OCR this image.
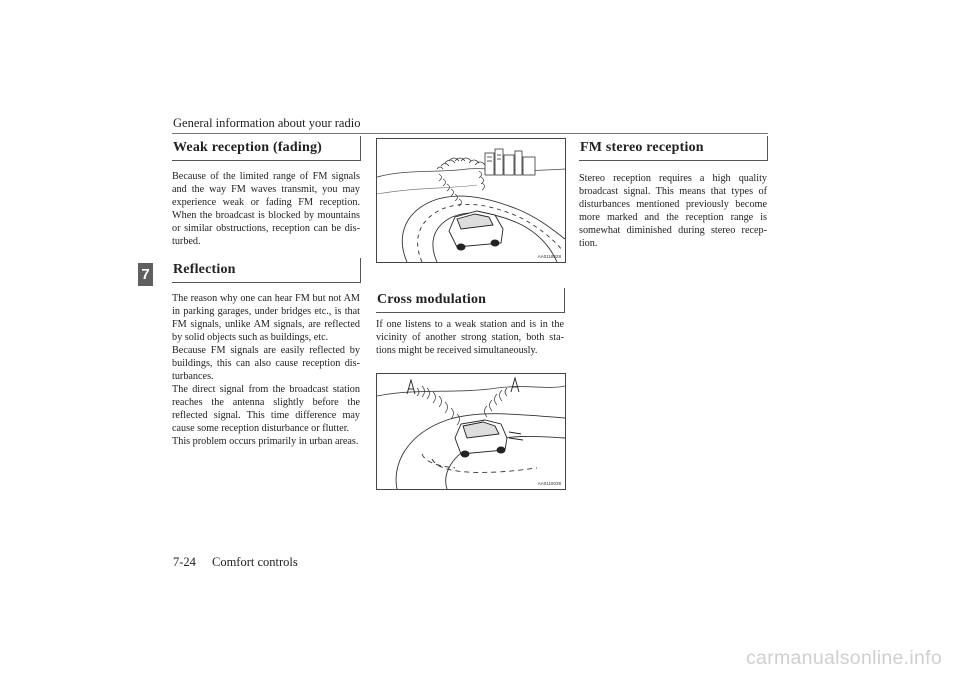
General information about your radio
7
Weak reception (fading)

Because of the limited range of FM signals and the way FM waves transmit, you may experience weak or fading FM reception. When the broadcast is blocked by mountains or similar obstructions, reception can be dis-turbed.

Reflection

The reason why one can hear FM but not AM in parking garages, under bridges etc., is that FM signals, unlike AM signals, are reflected by solid objects such as buildings, etc.

Because FM signals are easily reflected by buildings, this can also cause reception dis-turbances.

The direct signal from the broadcast station reaches the antenna slightly before the reflected signal. This time difference may cause some reception disturbance or flutter.

This problem occurs primarily in urban areas.

AA0116028
Cross modulation

If one listens to a weak station and is in the vicinity of another strong station, both sta-tions might be received simultaneously.

AA0116039
FM stereo reception

Stereo reception requires a high quality broadcast signal. This means that types of disturbances mentioned previously become more marked and the reception range is somewhat diminished during stereo recep-tion.

7-24 Comfort controls
carmanualsonline.info
